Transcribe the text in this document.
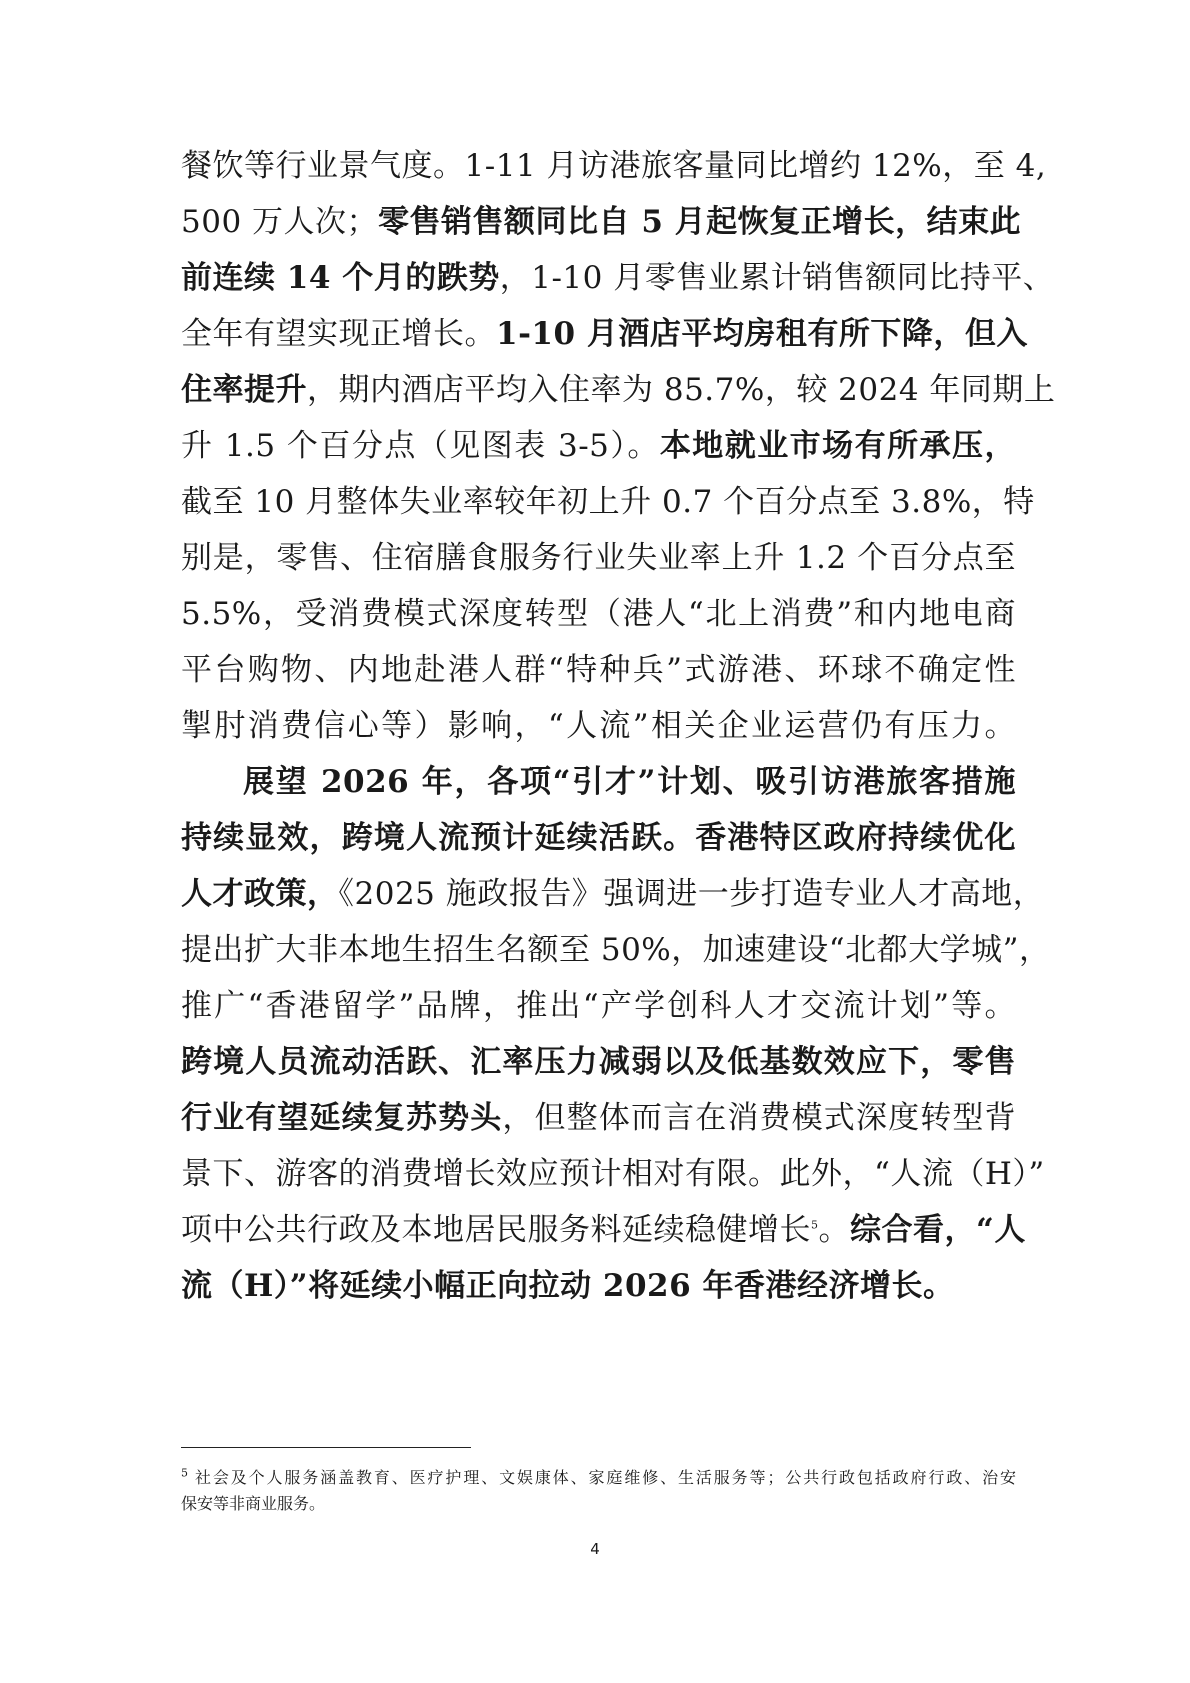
餐饮等行业景气度。1-11 月访港旅客量同比增约 12%，至 4,
500 万人次；零售销售额同比自 5 月起恢复正增长，结束此
前连续 14 个月的跌势，1-10 月零售业累计销售额同比持平、
全年有望实现正增长。1-10 月酒店平均房租有所下降，但入
住率提升，期内酒店平均入住率为 85.7%，较 2024 年同期上
升 1.5 个百分点（见图表 3-5）。本地就业市场有所承压，
截至 10 月整体失业率较年初上升 0.7 个百分点至 3.8%，特
别是，零售、住宿膳食服务行业失业率上升 1.2 个百分点至
5.5%，受消费模式深度转型（港人“北上消费”和内地电商
平台购物、内地赴港人群“特种兵”式游港、环球不确定性
掣肘消费信心等）影响，“人流”相关企业运营仍有压力。
展望 2026 年，各项“引才”计划、吸引访港旅客措施
持续显效，跨境人流预计延续活跃。香港特区政府持续优化
人才政策，《2025 施政报告》强调进一步打造专业人才高地，
提出扩大非本地生招生名额至 50%，加速建设“北都大学城”，
推广“香港留学”品牌，推出“产学创科人才交流计划”等。
跨境人员流动活跃、汇率压力减弱以及低基数效应下，零售
行业有望延续复苏势头，但整体而言在消费模式深度转型背
景下、游客的消费增长效应预计相对有限。此外，“人流（H）”
项中公共行政及本地居民服务料延续稳健增长$^5$。综合看，“人
流（H）”将延续小幅正向拉动 2026 年香港经济增长。
$^5$ 社会及个人服务涵盖教育、医疗护理、文娱康体、家庭维修、生活服务等；公共行政包括政府行政、治安
保安等非商业服务。
4
